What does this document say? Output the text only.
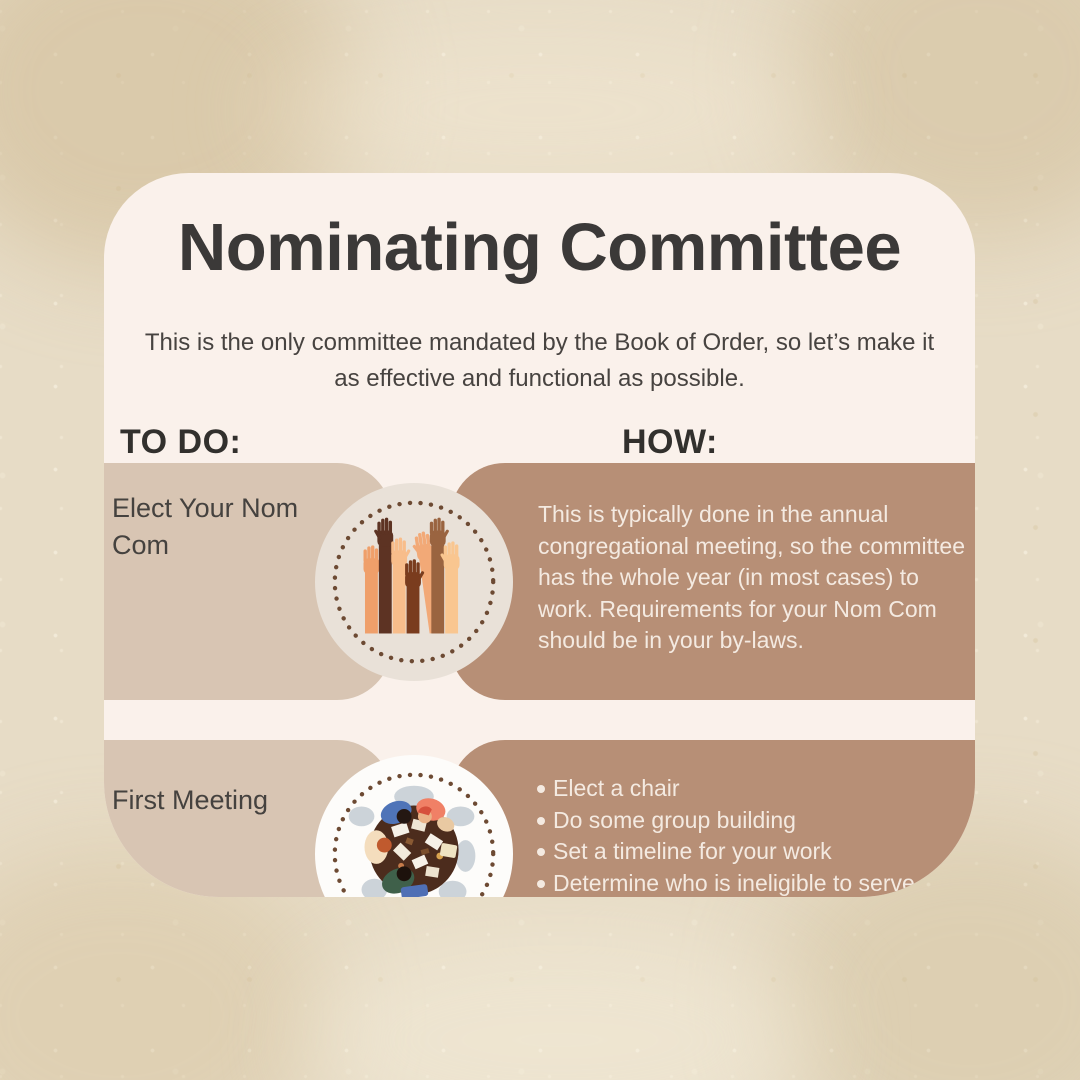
Nominating Committee

This is the only committee mandated by the Book of Order, so let’s make it
as effective and functional as possible.

TO DO:	HOW:
Elect Your Nom Com

This is typically done in the annual congregational meeting, so the committee has the whole year (in most cases) to work. Requirements for your Nom Com should be in your by-laws.

First Meeting	Elect a chair
Do some group building
Set a timeline for your work
Determine who is ineligible to serve
